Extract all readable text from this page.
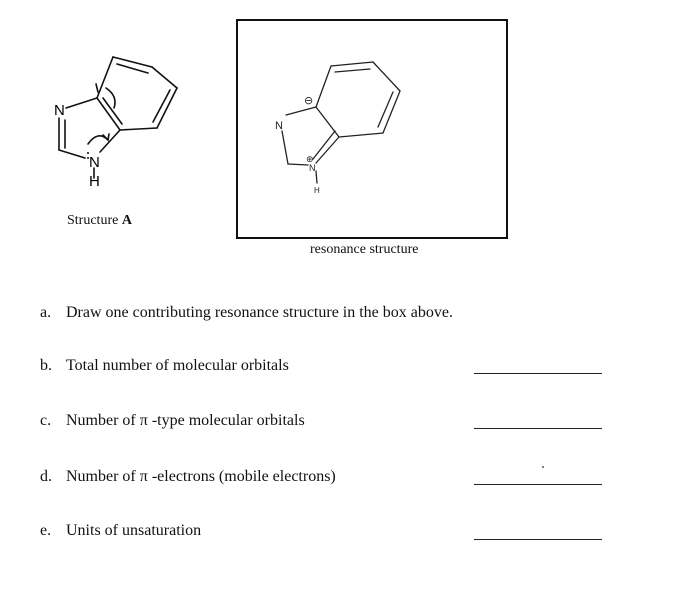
N
N
H
Structure A
N
N
H
⊖
⊕
resonance structure
a. Draw one contributing resonance structure in the box above.
b. Total number of molecular orbitals
c. Number of π -type molecular orbitals
d. Number of π -electrons (mobile electrons)
e. Units of unsaturation
